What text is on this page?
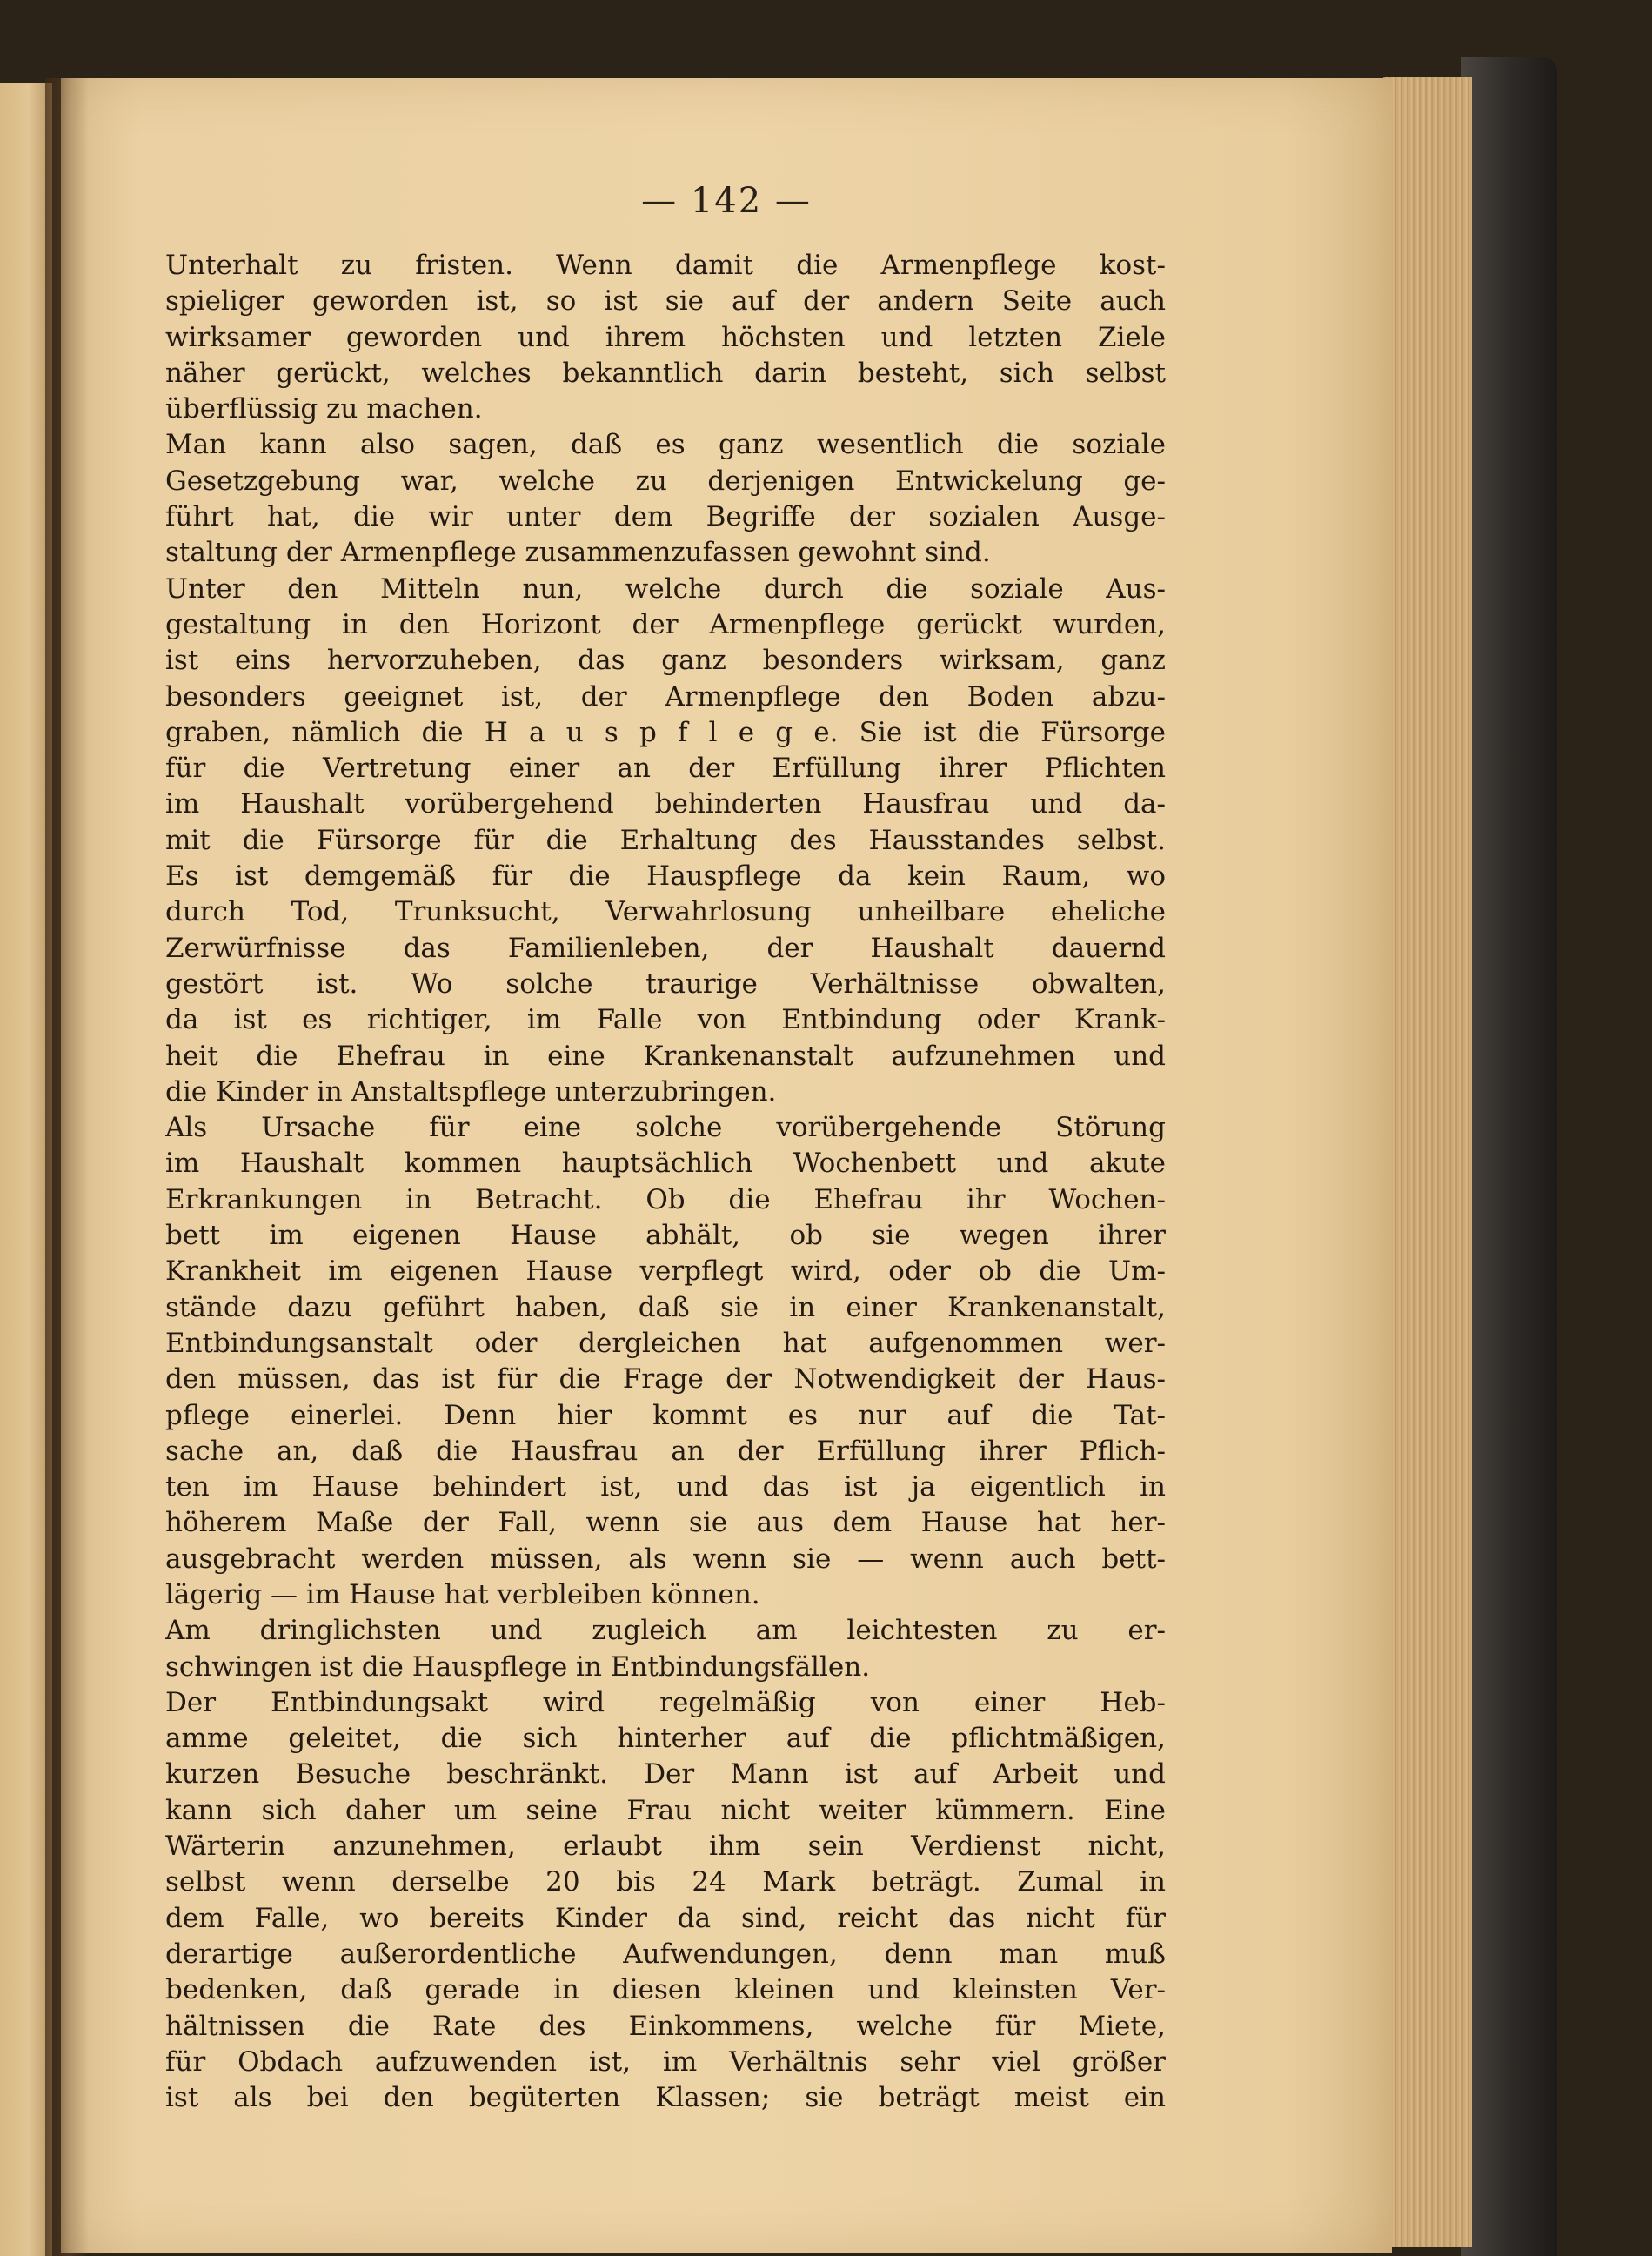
— 142 —
Unterhalt zu fristen. Wenn damit die Armenpflege kost-
spieliger geworden ist, so ist sie auf der andern Seite auch
wirksamer geworden und ihrem höchsten und letzten Ziele
näher gerückt, welches bekanntlich darin besteht, sich selbst
überflüssig zu machen.
Man kann also sagen, daß es ganz wesentlich die soziale
Gesetzgebung war, welche zu derjenigen Entwickelung ge-
führt hat, die wir unter dem Begriffe der sozialen Ausge-
staltung der Armenpflege zusammenzufassen gewohnt sind.
Unter den Mitteln nun, welche durch die soziale Aus-
gestaltung in den Horizont der Armenpflege gerückt wurden,
ist eins hervorzuheben, das ganz besonders wirksam, ganz
besonders geeignet ist, der Armenpflege den Boden abzu-
graben, nämlich die H a u s p f l e g e. Sie ist die Fürsorge
für die Vertretung einer an der Erfüllung ihrer Pflichten
im Haushalt vorübergehend behinderten Hausfrau und da-
mit die Fürsorge für die Erhaltung des Hausstandes selbst.
Es ist demgemäß für die Hauspflege da kein Raum, wo
durch Tod, Trunksucht, Verwahrlosung unheilbare eheliche
Zerwürfnisse das Familienleben, der Haushalt dauernd
gestört ist. Wo solche traurige Verhältnisse obwalten,
da ist es richtiger, im Falle von Entbindung oder Krank-
heit die Ehefrau in eine Krankenanstalt aufzunehmen und
die Kinder in Anstaltspflege unterzubringen.
Als Ursache für eine solche vorübergehende Störung
im Haushalt kommen hauptsächlich Wochenbett und akute
Erkrankungen in Betracht. Ob die Ehefrau ihr Wochen-
bett im eigenen Hause abhält, ob sie wegen ihrer
Krankheit im eigenen Hause verpflegt wird, oder ob die Um-
stände dazu geführt haben, daß sie in einer Krankenanstalt,
Entbindungsanstalt oder dergleichen hat aufgenommen wer-
den müssen, das ist für die Frage der Notwendigkeit der Haus-
pflege einerlei. Denn hier kommt es nur auf die Tat-
sache an, daß die Hausfrau an der Erfüllung ihrer Pflich-
ten im Hause behindert ist, und das ist ja eigentlich in
höherem Maße der Fall, wenn sie aus dem Hause hat her-
ausgebracht werden müssen, als wenn sie — wenn auch bett-
lägerig — im Hause hat verbleiben können.
Am dringlichsten und zugleich am leichtesten zu er-
schwingen ist die Hauspflege in Entbindungsfällen.
Der Entbindungsakt wird regelmäßig von einer Heb-
amme geleitet, die sich hinterher auf die pflichtmäßigen,
kurzen Besuche beschränkt. Der Mann ist auf Arbeit und
kann sich daher um seine Frau nicht weiter kümmern. Eine
Wärterin anzunehmen, erlaubt ihm sein Verdienst nicht,
selbst wenn derselbe 20 bis 24 Mark beträgt. Zumal in
dem Falle, wo bereits Kinder da sind, reicht das nicht für
derartige außerordentliche Aufwendungen, denn man muß
bedenken, daß gerade in diesen kleinen und kleinsten Ver-
hältnissen die Rate des Einkommens, welche für Miete,
für Obdach aufzuwenden ist, im Verhältnis sehr viel größer
ist als bei den begüterten Klassen; sie beträgt meist ein
